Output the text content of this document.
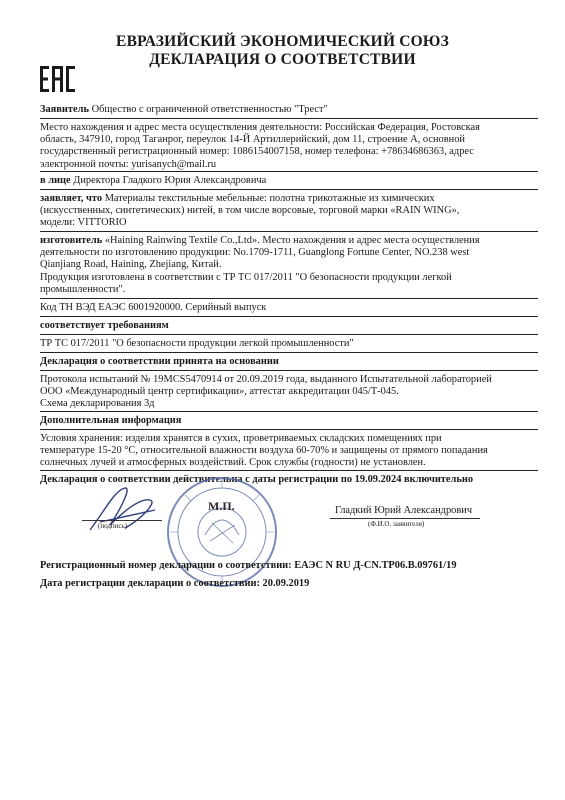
ЕВРАЗИЙСКИЙ ЭКОНОМИЧЕСКИЙ СОЮЗ
ДЕКЛАРАЦИЯ О СООТВЕТСТВИИ
Заявитель Общество с ограниченной ответственностью "Трест"
Место нахождения и адрес места осуществления деятельности: Российская Федерация, Ростовская
область, 347910, город Таганрог, переулок 14-Й Артиллерийский, дом 11, строение А, основной
государственный регистрационный номер: 1086154007158, номер телефона: +78634686363, адрес
электронной почты: yurisanych@mail.ru
в лице Директора Гладкого Юрия Александровича
заявляет, что Материалы текстильные мебельные: полотна трикотажные из химических
(искусственных, синтетических) нитей, в том числе ворсовые, торговой марки «RAIN WING»,
модели: VITTORIO
изготовитель «Haining Rainwing Textile Co.,Ltd». Место нахождения и адрес места осуществления
деятельности по изготовлению продукции: No.1709-1711, Guanglong Fortune Center, NO.238 west
Qianjiang Road, Haining, Zhejiang, Китай.
Продукция изготовлена в соответствии с ТР ТС 017/2011 "О безопасности продукции легкой
промышленности".
Код ТН ВЭД ЕАЭС 6001920000. Серийный выпуск
соответствует требованиям
ТР ТС 017/2011 "О безопасности продукции легкой промышленности"
Декларация о соответствии принята на основании
Протокола испытаний № 19MCS5470914 от 20.09.2019 года, выданного Испытательной лабораторией
ООО «Международный центр сертификации», аттестат аккредитации 045/Т-045.
Схема декларирования 3д
Дополнительная информация
Условия хранения: изделия хранятся в сухих, проветриваемых складских помещениях при
температуре 15-20 °С, относительной влажности воздуха 60-70% и защищены от прямого попадания
солнечных лучей и атмосферных воздействий. Срок службы (годности) не установлен.
Декларация о соответствии действительна с даты регистрации по 19.09.2024 включительно
(подпись)
М.П.	Гладкий Юрий Александрович
(Ф.И.О. заявителя)
Регистрационный номер декларации о соответствии: ЕАЭС N RU Д-CN.ТР06.В.09761/19
Дата регистрации декларации о соответствии: 20.09.2019
